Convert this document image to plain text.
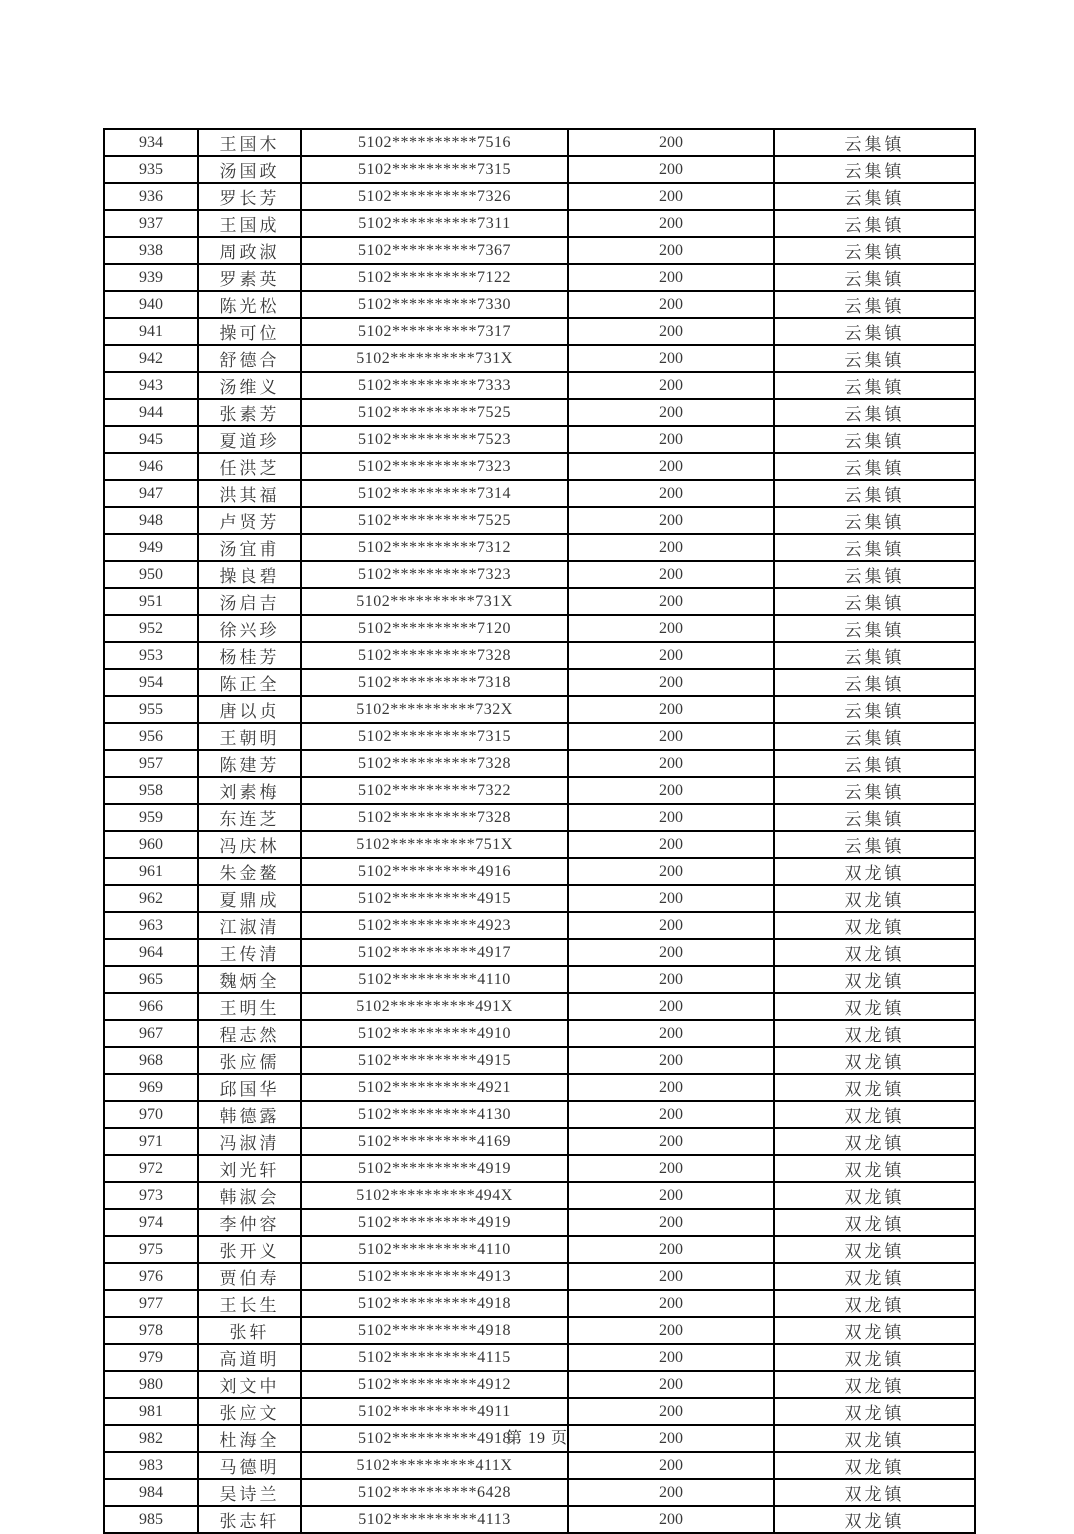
934	王国木	5102**********7516	200	云集镇
935	汤国政	5102**********7315	200	云集镇
936	罗长芳	5102**********7326	200	云集镇
937	王国成	5102**********7311	200	云集镇
938	周政淑	5102**********7367	200	云集镇
939	罗素英	5102**********7122	200	云集镇
940	陈光松	5102**********7330	200	云集镇
941	操可位	5102**********7317	200	云集镇
942	舒德合	5102**********731X	200	云集镇
943	汤维义	5102**********7333	200	云集镇
944	张素芳	5102**********7525	200	云集镇
945	夏道珍	5102**********7523	200	云集镇
946	任洪芝	5102**********7323	200	云集镇
947	洪其福	5102**********7314	200	云集镇
948	卢贤芳	5102**********7525	200	云集镇
949	汤宜甫	5102**********7312	200	云集镇
950	操良碧	5102**********7323	200	云集镇
951	汤启吉	5102**********731X	200	云集镇
952	徐兴珍	5102**********7120	200	云集镇
953	杨桂芳	5102**********7328	200	云集镇
954	陈正全	5102**********7318	200	云集镇
955	唐以贞	5102**********732X	200	云集镇
956	王朝明	5102**********7315	200	云集镇
957	陈建芳	5102**********7328	200	云集镇
958	刘素梅	5102**********7322	200	云集镇
959	东连芝	5102**********7328	200	云集镇
960	冯庆林	5102**********751X	200	云集镇
961	朱金鳌	5102**********4916	200	双龙镇
962	夏鼎成	5102**********4915	200	双龙镇
963	江淑清	5102**********4923	200	双龙镇
964	王传清	5102**********4917	200	双龙镇
965	魏炳全	5102**********4110	200	双龙镇
966	王明生	5102**********491X	200	双龙镇
967	程志然	5102**********4910	200	双龙镇
968	张应儒	5102**********4915	200	双龙镇
969	邱国华	5102**********4921	200	双龙镇
970	韩德露	5102**********4130	200	双龙镇
971	冯淑清	5102**********4169	200	双龙镇
972	刘光轩	5102**********4919	200	双龙镇
973	韩淑会	5102**********494X	200	双龙镇
974	李仲容	5102**********4919	200	双龙镇
975	张开义	5102**********4110	200	双龙镇
976	贾伯寿	5102**********4913	200	双龙镇
977	王长生	5102**********4918	200	双龙镇
978	张轩	5102**********4918	200	双龙镇
979	高道明	5102**********4115	200	双龙镇
980	刘文中	5102**********4912	200	双龙镇
981	张应文	5102**********4911	200	双龙镇
982	杜海全	5102**********4918	200	双龙镇
983	马德明	5102**********411X	200	双龙镇
984	吴诗兰	5102**********6428	200	双龙镇
985	张志轩	5102**********4113	200	双龙镇
第 19 页
